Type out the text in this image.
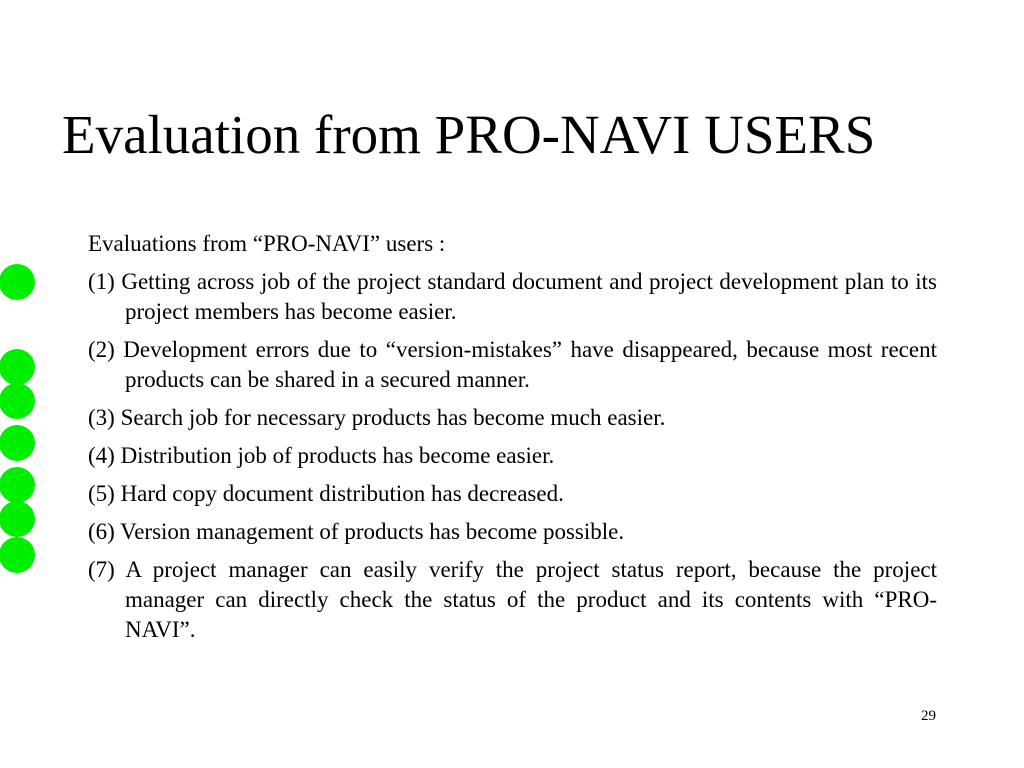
Evaluation from PRO-NAVI USERS
Evaluations from “PRO-NAVI” users :
(1) Getting across job of the project standard document and project development plan to its project members has become easier.
(2) Development errors due to “version-mistakes” have disappeared, because most recent products can be shared in a secured manner.
(3) Search job for necessary products has become much easier.
(4) Distribution job of products has become easier.
(5) Hard copy document distribution has decreased.
(6) Version management of products has become possible.
(7) A project manager can easily verify the project status report, because the project manager can directly check the status of the product and its contents with “PRO-NAVI”.
29
